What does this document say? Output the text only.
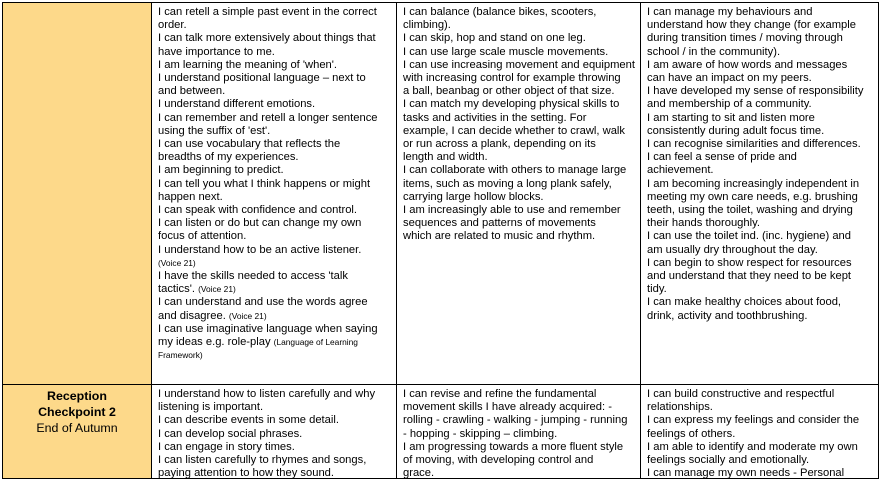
I can retell a simple past event in the correct
order.
I can talk more extensively about things that
have importance to me.
I am learning the meaning of 'when'.
I understand positional language – next to
and between.
I understand different emotions.
I can remember and retell a longer sentence
using the suffix of 'est'.
I can use vocabulary that reflects the
breadths of my experiences.
I am beginning to predict.
I can tell you what I think happens or might
happen next.
I can speak with confidence and control.
I can listen or do but can change my own
focus of attention.
I understand how to be an active listener.
(Voice 21)
I have the skills needed to access 'talk
tactics'. (Voice 21)
I can understand and use the words agree
and disagree. (Voice 21)
I can use imaginative language when saying
my ideas e.g. role-play (Language of Learning
Framework)
I can balance (balance bikes, scooters,
climbing).
I can skip, hop and stand on one leg.
I can use large scale muscle movements.
I can use increasing movement and equipment
with increasing control for example throwing
a ball, beanbag or other object of that size.
I can match my developing physical skills to
tasks and activities in the setting. For
example, I can decide whether to crawl, walk
or run across a plank, depending on its
length and width.
I can collaborate with others to manage large
items, such as moving a long plank safely,
carrying large hollow blocks.
I am increasingly able to use and remember
sequences and patterns of movements
which are related to music and rhythm.
I can manage my behaviours and
understand how they change (for example
during transition times / moving through
school / in the community).
I am aware of how words and messages
can have an impact on my peers.
I have developed my sense of responsibility
and membership of a community.
I am starting to sit and listen more
consistently during adult focus time.
I can recognise similarities and differences.
I can feel a sense of pride and
achievement.
I am becoming increasingly independent in
meeting my own care needs, e.g. brushing
teeth, using the toilet, washing and drying
their hands thoroughly.
I can use the toilet ind. (inc. hygiene) and
am usually dry throughout the day.
I can begin to show respect for resources
and understand that they need to be kept
tidy.
I can make healthy choices about food,
drink, activity and toothbrushing.
Reception
Checkpoint 2
End of Autumn
I understand how to listen carefully and why
listening is important.
I can describe events in some detail.
I can develop social phrases.
I can engage in story times.
I can listen carefully to rhymes and songs,
paying attention to how they sound.
I can revise and refine the fundamental
movement skills I have already acquired: -
rolling - crawling - walking - jumping - running
- hopping - skipping – climbing.
I am progressing towards a more fluent style
of moving, with developing control and
grace.
I can build constructive and respectful
relationships.
I can express my feelings and consider the
feelings of others.
I am able to identify and moderate my own
feelings socially and emotionally.
I can manage my own needs - Personal
